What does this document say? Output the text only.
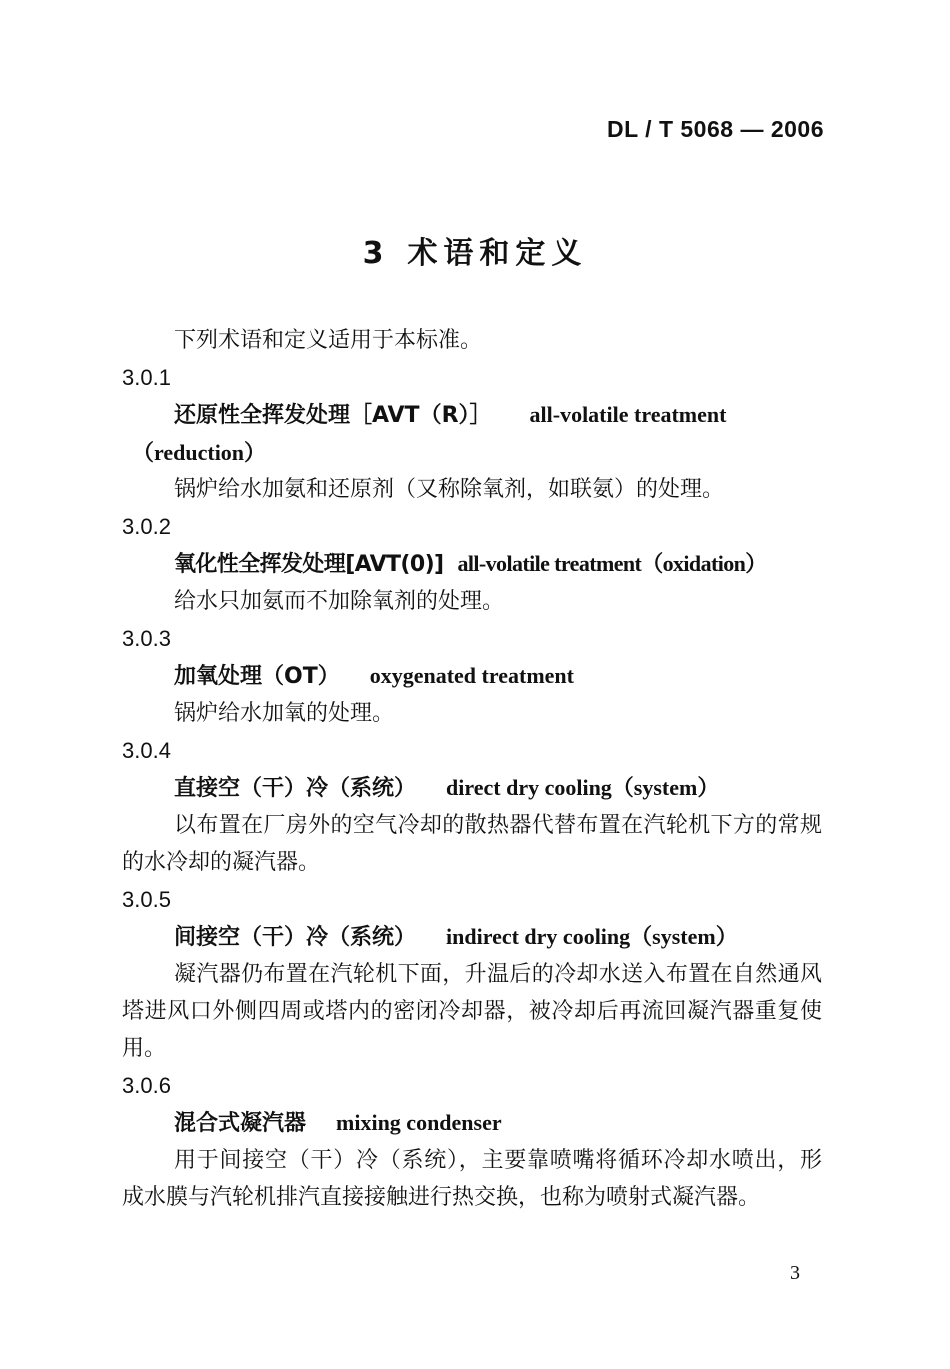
DL / T 5068 — 2006
3 术语和定义
下列术语和定义适用于本标准。
3.0.1
还原性全挥发处理［AVT（R）］ all-volatile treatment
（reduction）
锅炉给水加氨和还原剂（又称除氧剂，如联氨）的处理。
3.0.2
氧化性全挥发处理[AVT(0)] all-volatile treatment（oxidation）
给水只加氨而不加除氧剂的处理。
3.0.3
加氧处理（OT） oxygenated treatment
锅炉给水加氧的处理。
3.0.4
直接空（干）冷（系统） direct dry cooling（system）
以布置在厂房外的空气冷却的散热器代替布置在汽轮机下方的常规的水冷却的凝汽器。
3.0.5
间接空（干）冷（系统） indirect dry cooling（system）
凝汽器仍布置在汽轮机下面，升温后的冷却水送入布置在自然通风塔进风口外侧四周或塔内的密闭冷却器，被冷却后再流回凝汽器重复使用。
3.0.6
混合式凝汽器 mixing condenser
用于间接空（干）冷（系统），主要靠喷嘴将循环冷却水喷出，形成水膜与汽轮机排汽直接接触进行热交换，也称为喷射式凝汽器。
3
